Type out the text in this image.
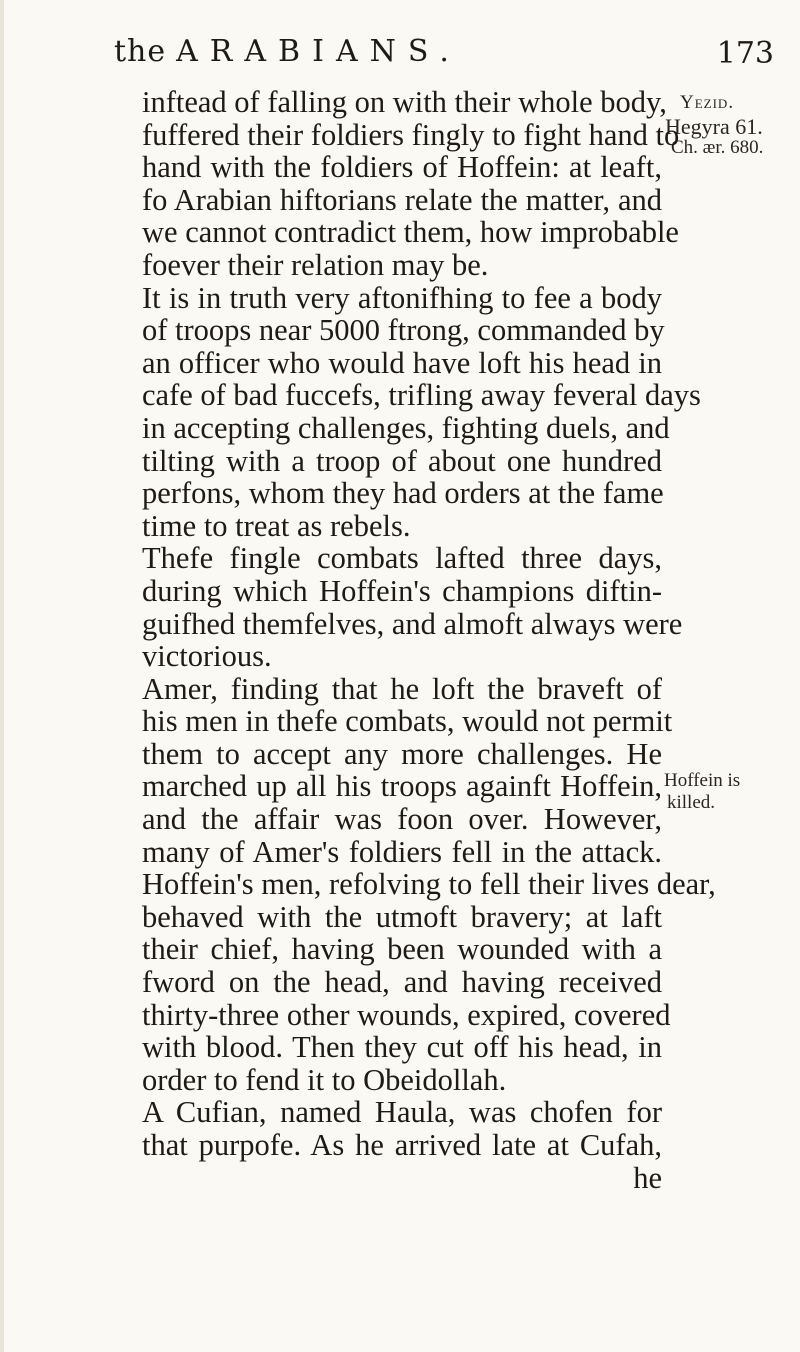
the ARABIANS.	173
Yezid.
Hegyra 61.
Ch. ær. 680.
Hoffein is
killed.
inftead of falling on with their whole body,
fuffered their foldiers fingly to fight hand to
hand with the foldiers of Hoffein: at leaft,
fo Arabian hiftorians relate the matter, and
we cannot contradict them, how improbable
foever their relation may be.
It is in truth very aftonifhing to fee a body
of troops near 5000 ftrong, commanded by
an officer who would have loft his head in
cafe of bad fuccefs, trifling away feveral days
in accepting challenges, fighting duels, and
tilting with a troop of about one hundred
perfons, whom they had orders at the fame
time to treat as rebels.
Thefe fingle combats lafted three days,
during which Hoffein's champions diftin-
guifhed themfelves, and almoft always were
victorious.
Amer, finding that he loft the braveft of
his men in thefe combats, would not permit
them to accept any more challenges. He
marched up all his troops againft Hoffein,
and the affair was foon over. However,
many of Amer's foldiers fell in the attack.
Hoffein's men, refolving to fell their lives dear,
behaved with the utmoft bravery; at laft
their chief, having been wounded with a
fword on the head, and having received
thirty-three other wounds, expired, covered
with blood. Then they cut off his head, in
order to fend it to Obeidollah.
A Cufian, named Haula, was chofen for
that purpofe. As he arrived late at Cufah,
he
